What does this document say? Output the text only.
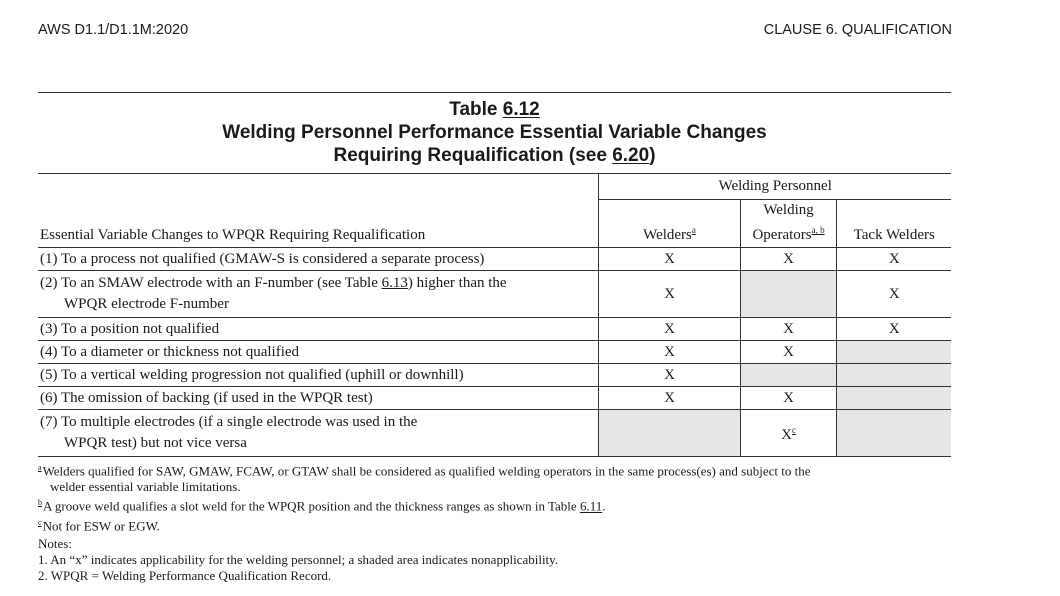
AWS D1.1/D1.1M:2020	CLAUSE 6. QUALIFICATION
Table 6.12
Welding Personnel Performance Essential Variable Changes
Requiring Requalification (see 6.20)
	Welding Personnel		
Essential Variable Changes to WPQR Requiring Requalification	Welders$^a$	Welding
Operators$^{a, b}$	Tack Welders
(1) To a process not qualified (GMAW-S is considered a separate process)	X	X	X
(2) To an SMAW electrode with an F-number (see Table 6.13) higher than the
WPQR electrode F-number	X		X
(3) To a position not qualified	X	X	X
(4) To a diameter or thickness not qualified	X	X	
(5) To a vertical welding progression not qualified (uphill or downhill)	X		
(6) The omission of backing (if used in the WPQR test)	X	X	
(7) To multiple electrodes (if a single electrode was used in the
WPQR test) but not vice versa		$X^c$	

$^a$Welders qualified for SAW, GMAW, FCAW, or GTAW shall be considered as qualified welding operators in the same process(es) and subject to the
welder essential variable limitations.

$^b$A groove weld qualifies a slot weld for the WPQR position and the thickness ranges as shown in Table 6.11.

$^c$Not for ESW or EGW.

Notes:

1. An “x” indicates applicability for the welding personnel; a shaded area indicates nonapplicability.

2. WPQR = Welding Performance Qualification Record.
